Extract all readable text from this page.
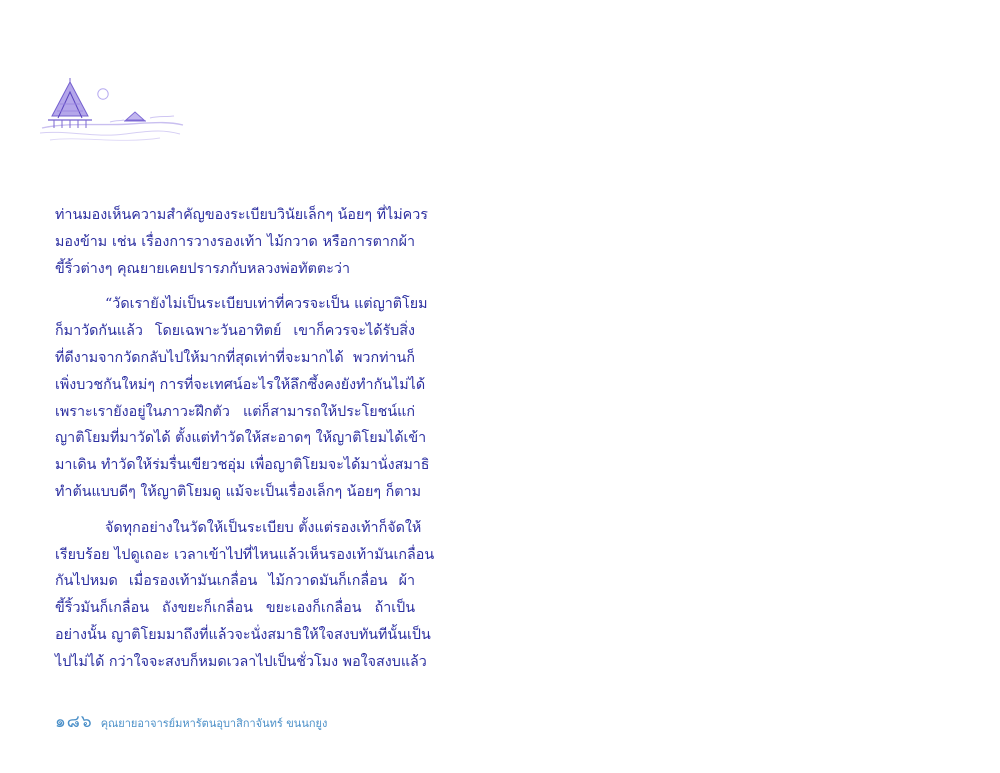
ท่านมองเห็นความสำคัญของระเบียบวินัยเล็กๆ น้อยๆ ที่ไม่ควร
มองข้าม เช่น เรื่องการวางรองเท้า ไม้กวาด หรือการตากผ้า
ขี้ริ้วต่างๆ คุณยายเคยปรารภกับหลวงพ่อทัตตะว่า
“วัดเรายังไม่เป็นระเบียบเท่าที่ควรจะเป็น แต่ญาติโยม
ก็มาวัดกันแล้ว โดยเฉพาะวันอาทิตย์ เขาก็ควรจะได้รับสิ่ง
ที่ดีงามจากวัดกลับไปให้มากที่สุดเท่าที่จะมากได้ พวกท่านก็
เพิ่งบวชกันใหม่ๆ การที่จะเทศน์อะไรให้ลึกซึ้งคงยังทำกันไม่ได้
เพราะเรายังอยู่ในภาวะฝึกตัว แต่ก็สามารถให้ประโยชน์แก่
ญาติโยมที่มาวัดได้ ตั้งแต่ทำวัดให้สะอาดๆ ให้ญาติโยมได้เข้า
มาเดิน ทำวัดให้ร่มรื่นเขียวชอุ่ม เพื่อญาติโยมจะได้มานั่งสมาธิ
ทำต้นแบบดีๆ ให้ญาติโยมดู แม้จะเป็นเรื่องเล็กๆ น้อยๆ ก็ตาม
จัดทุกอย่างในวัดให้เป็นระเบียบ ตั้งแต่รองเท้าก็จัดให้
เรียบร้อย ไปดูเถอะ เวลาเข้าไปที่ไหนแล้วเห็นรองเท้ามันเกลื่อน
กันไปหมด เมื่อรองเท้ามันเกลื่อน ไม้กวาดมันก็เกลื่อน ผ้า
ขี้ริ้วมันก็เกลื่อน ถังขยะก็เกลื่อน ขยะเองก็เกลื่อน ถ้าเป็น
อย่างนั้น ญาติโยมมาถึงที่แล้วจะนั่งสมาธิให้ใจสงบทันทีนั้นเป็น
ไปไม่ได้ กว่าใจจะสงบก็หมดเวลาไปเป็นชั่วโมง พอใจสงบแล้ว
๑๘๖ คุณยายอาจารย์มหารัตนอุบาสิกาจันทร์ ขนนกยูง
